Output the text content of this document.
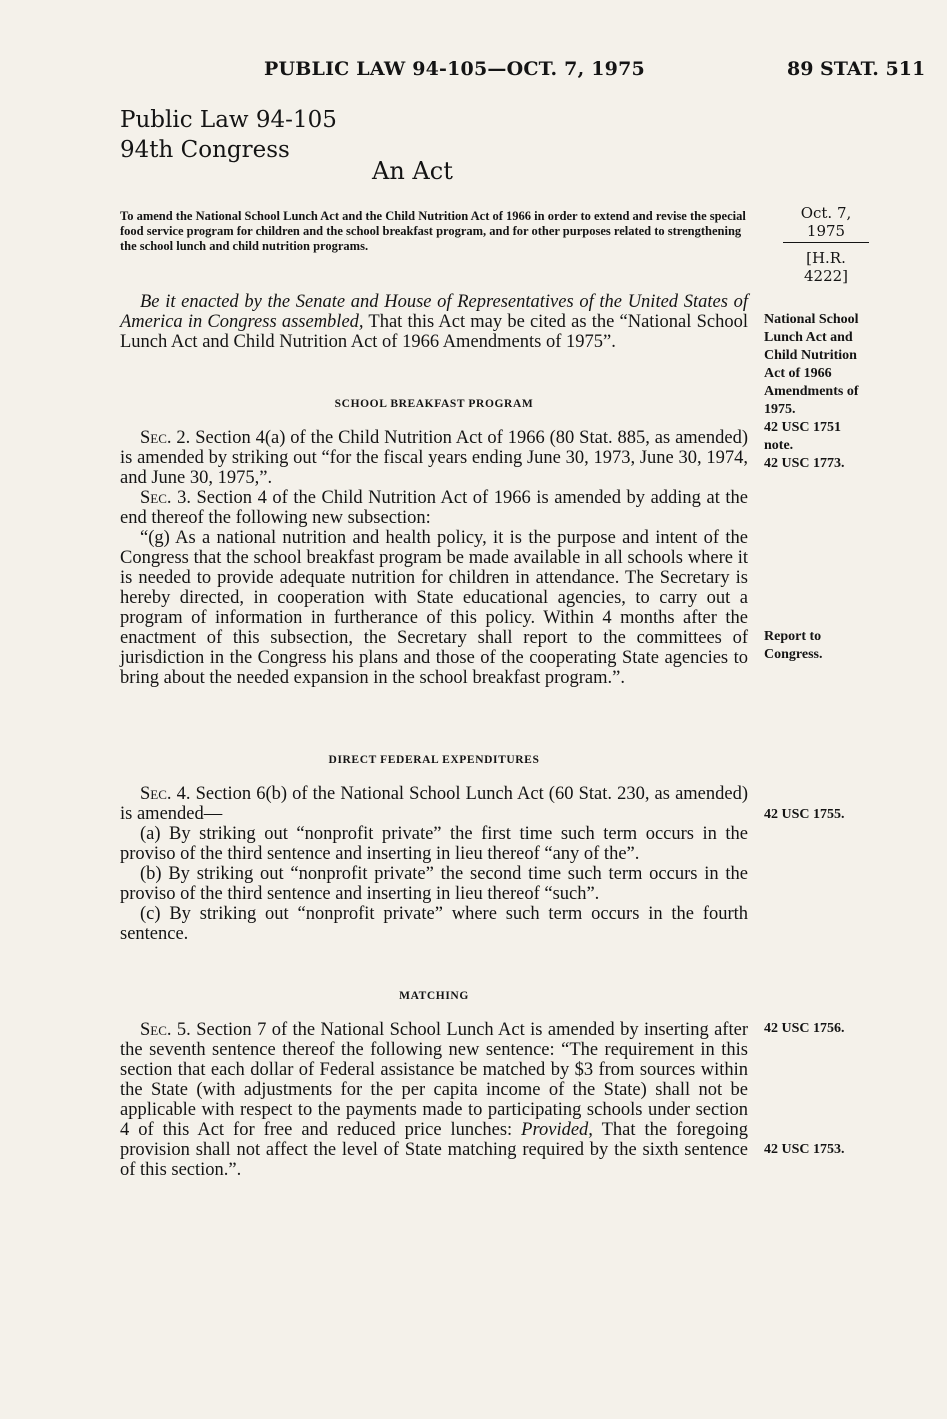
PUBLIC LAW 94-105—OCT. 7, 1975	89 STAT. 511
Public Law 94-105
94th Congress
An Act
To amend the National School Lunch Act and the Child Nutrition Act of 1966 in order to extend and revise the special food service program for children and the school breakfast program, and for other purposes related to strengthening the school lunch and child nutrition programs.
Oct. 7, 1975
[H.R. 4222]

Be it enacted by the Senate and House of Representatives of the United States of America in Congress assembled, That this Act may be cited as the “National School Lunch Act and Child Nutrition Act of 1966 Amendments of 1975”.

SCHOOL BREAKFAST PROGRAM

Sec. 2. Section 4(a) of the Child Nutrition Act of 1966 (80 Stat. 885, as amended) is amended by striking out “for the fiscal years ending June 30, 1973, June 30, 1974, and June 30, 1975,”.

Sec. 3. Section 4 of the Child Nutrition Act of 1966 is amended by adding at the end thereof the following new subsection:

“(g) As a national nutrition and health policy, it is the purpose and intent of the Congress that the school breakfast program be made available in all schools where it is needed to provide adequate nutrition for children in attendance. The Secretary is hereby directed, in cooperation with State educational agencies, to carry out a program of information in furtherance of this policy. Within 4 months after the enactment of this subsection, the Secretary shall report to the committees of jurisdiction in the Congress his plans and those of the cooperating State agencies to bring about the needed expansion in the school breakfast program.”.

DIRECT FEDERAL EXPENDITURES

Sec. 4. Section 6(b) of the National School Lunch Act (60 Stat. 230, as amended) is amended—

(a) By striking out “nonprofit private” the first time such term occurs in the proviso of the third sentence and inserting in lieu thereof “any of the”.

(b) By striking out “nonprofit private” the second time such term occurs in the proviso of the third sentence and inserting in lieu thereof “such”.

(c) By striking out “nonprofit private” where such term occurs in the fourth sentence.

MATCHING

Sec. 5. Section 7 of the National School Lunch Act is amended by inserting after the seventh sentence thereof the following new sentence: “The requirement in this section that each dollar of Federal assistance be matched by $3 from sources within the State (with adjustments for the per capita income of the State) shall not be applicable with respect to the payments made to participating schools under section 4 of this Act for free and reduced price lunches: Provided, That the foregoing provision shall not affect the level of State matching required by the sixth sentence of this section.”.

National School
Lunch Act and
Child Nutrition
Act of 1966
Amendments of
1975.
42 USC 1751
note.
42 USC 1773.
Report to
Congress.
42 USC 1755.
42 USC 1756.
42 USC 1753.
